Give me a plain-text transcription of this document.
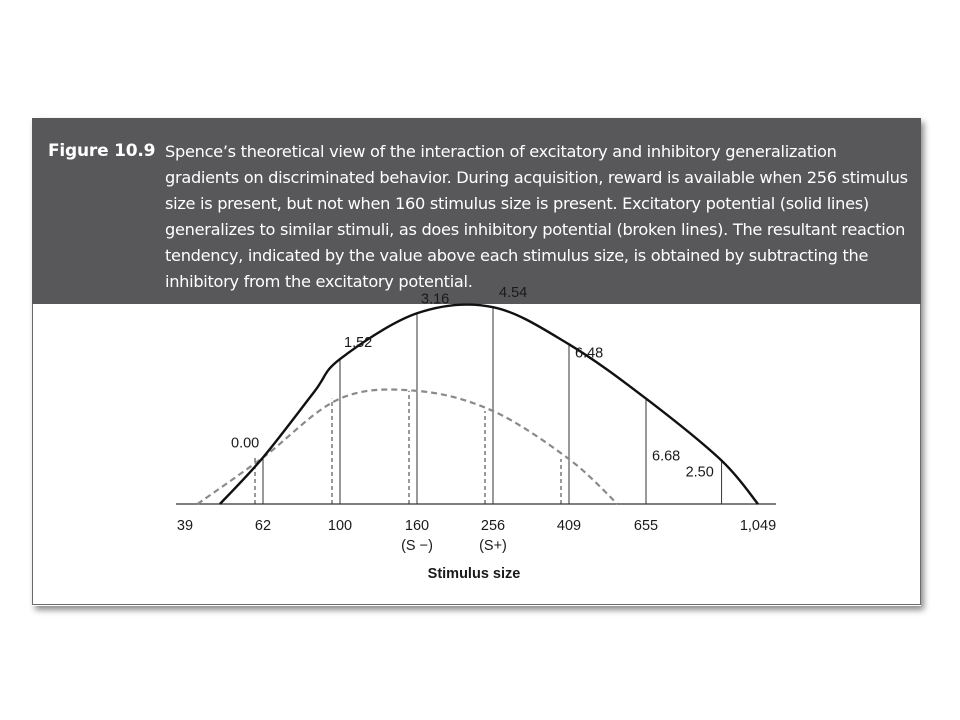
Figure 10.9 Spence’s theoretical view of the interaction of excitatory and inhibitory generalization gradients on discriminated behavior. During acquisition, reward is available when 256 stimulus size is present, but not when 160 stimulus size is present. Excitatory potential (solid lines) generalizes to similar stimuli, as does inhibitory potential (broken lines). The resultant reaction tendency, indicated by the value above each stimulus size, is obtained by subtracting the inhibitory from the excitatory potential.

39	62	100	160
(S −)
256
(S+)
409	655	1,049
0.00
1.52
3.16	4.54
6.48
6.68
2.50
Stimulus size
